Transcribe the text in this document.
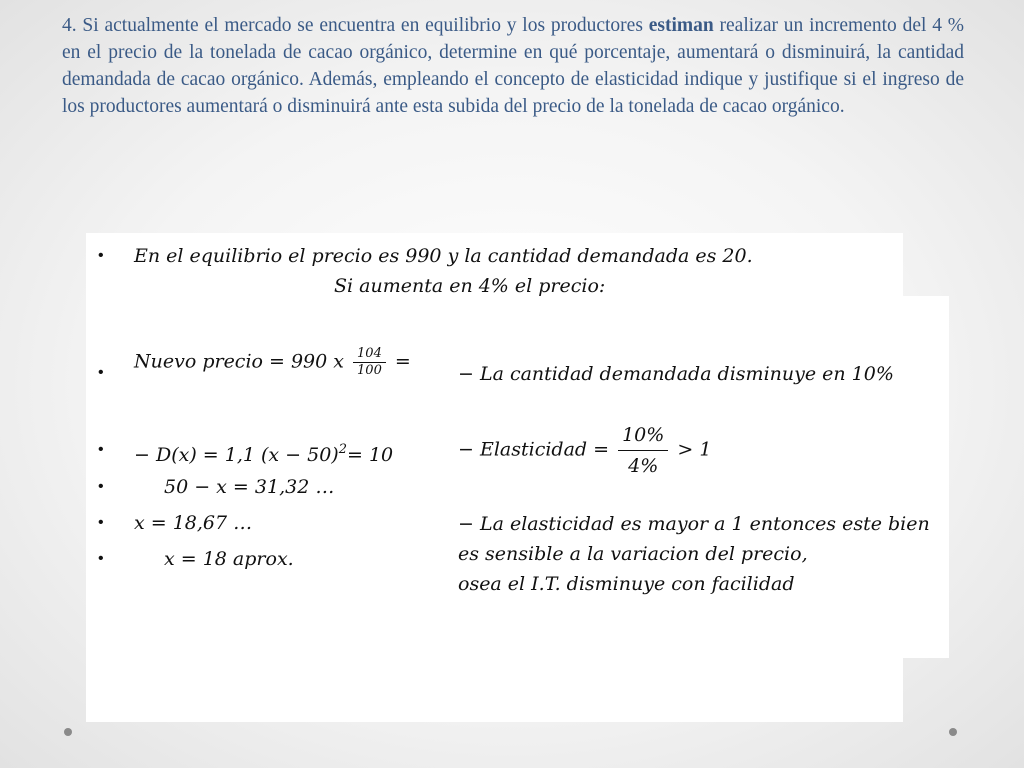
4. Si actualmente el mercado se encuentra en equilibrio y los productores estiman realizar un incremento del 4 % en el precio de la tonelada de cacao orgánico, determine en qué porcentaje, aumentará o disminuirá, la cantidad demandada de cacao orgánico. Además, empleando el concepto de elasticidad indique y justifique si el ingreso de los productores aumentará o disminuirá ante esta subida del precio de la tonelada de cacao orgánico.
• En el equilibrio el precio es 990 y la cantidad demandada es 20.
Si aumenta en 4% el precio:
• Nuevo precio = 990 x $\frac{104}{100}$ =
• − D(x) = 1,1 $(x - 50)^2= 10$
•	50 − x = 31,32 …
• x = 18,67 …
•	x = 18 aprox.
− La cantidad demandada disminuye en 10%
− Elasticidad = $\frac{10\%}{4\%} > 1$
− La elasticidad es mayor a 1 entonces este bien
es sensible a la variacion del precio,
osea el I.T. disminuye con facilidad
